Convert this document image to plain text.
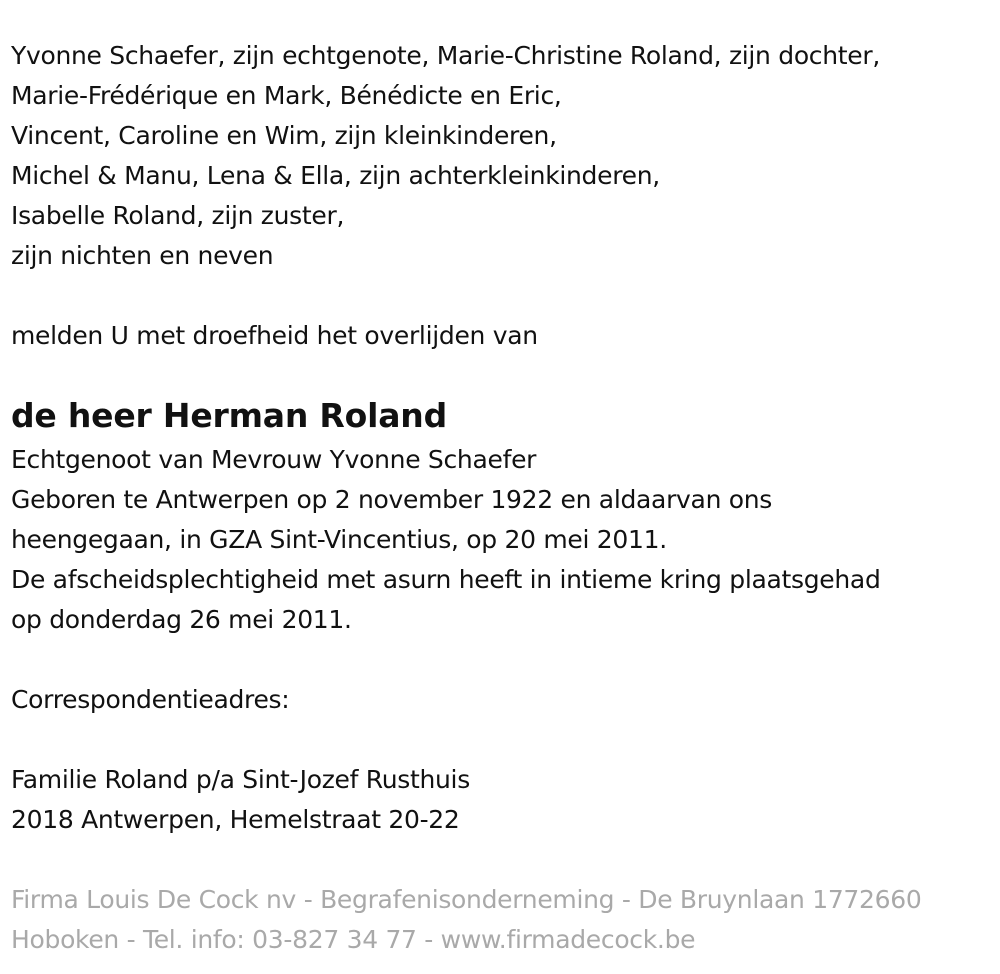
Yvonne Schaefer, zijn echtgenote, Marie-Christine Roland, zijn dochter,
Marie-Frédérique en Mark, Bénédicte en Eric,
Vincent, Caroline en Wim, zijn kleinkinderen,
Michel & Manu, Lena & Ella, zijn achterkleinkinderen,
Isabelle Roland, zijn zuster,
zijn nichten en neven
melden U met droefheid het overlijden van
de heer Herman Roland
Echtgenoot van Mevrouw Yvonne Schaefer
Geboren te Antwerpen op 2 november 1922 en aldaarvan ons
heengegaan, in GZA Sint-Vincentius, op 20 mei 2011.
De afscheidsplechtigheid met asurn heeft in intieme kring plaatsgehad
op donderdag 26 mei 2011.
Correspondentieadres:
Familie Roland p/a Sint-Jozef Rusthuis
2018 Antwerpen, Hemelstraat 20-22
Firma Louis De Cock nv - Begrafenisonderneming - De Bruynlaan 1772660
Hoboken - Tel. info: 03-827 34 77 - www.firmadecock.be
